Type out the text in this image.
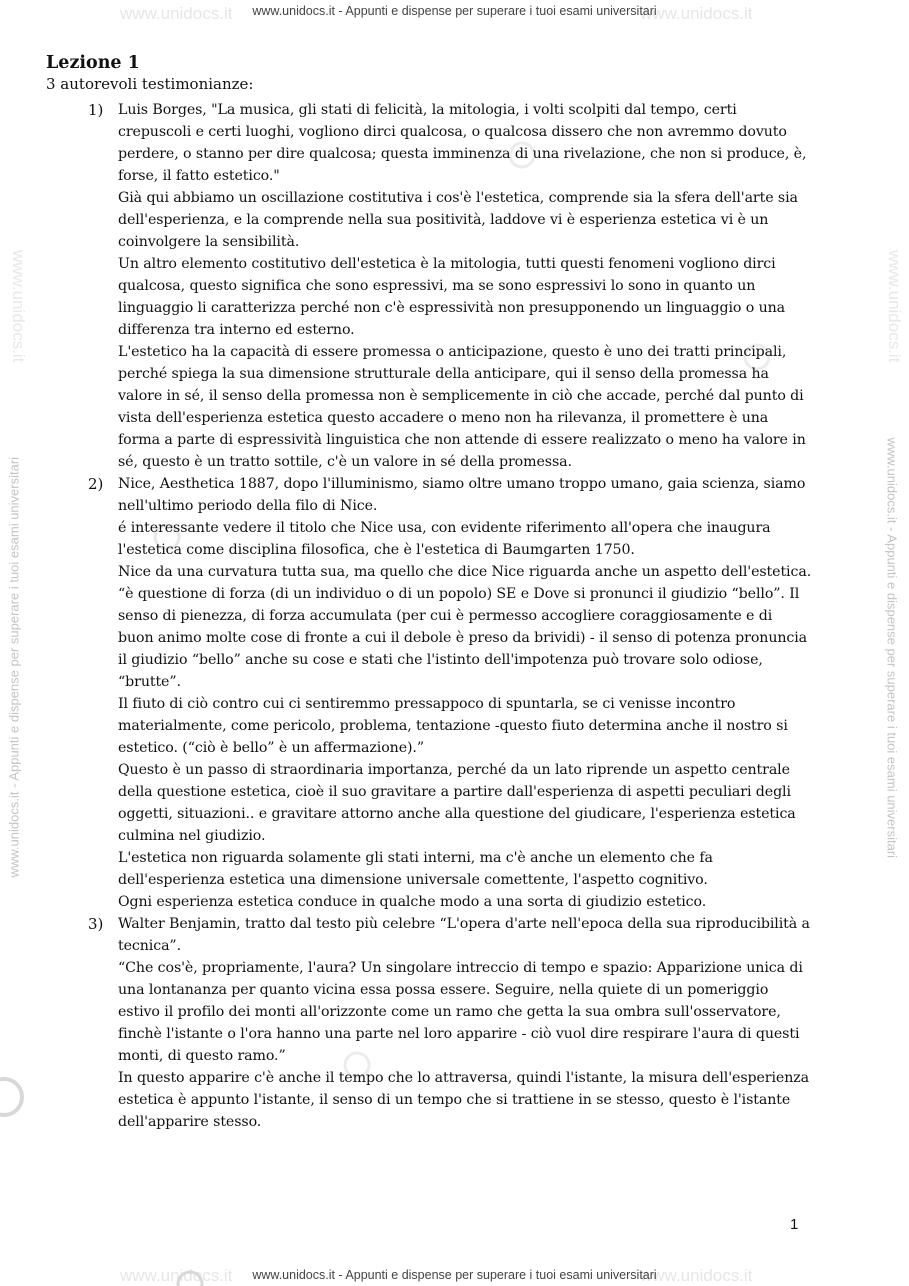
www.unidocs.it	www.unidocs.it
www.unidocs.it	www.unidocs.it
www.unidocs.it - Appunti e dispense per superare i tuoi esami universitari
www.unidocs.it - Appunti e dispense per superare i tuoi esami universitari
www.unidocs.it - Appunti e dispense per superare i tuoi esami universitari
www.unidocs.it
www.unidocs.it - Appunti e dispense per superare i tuoi esami universitari
www.unidocs.it
Lezione 1

3 autorevoli testimonianze:

1) Luis Borges, "La musica, gli stati di felicità, la mitologia, i volti scolpiti dal tempo, certi crepuscoli e certi luoghi, vogliono dirci qualcosa, o qualcosa dissero che non avremmo dovuto perdere, o stanno per dire qualcosa; questa imminenza di una rivelazione, che non si produce, è, forse, il fatto estetico."

Già qui abbiamo un oscillazione costitutiva i cos'è l'estetica, comprende sia la sfera dell'arte sia dell'esperienza, e la comprende nella sua positività, laddove vi è esperienza estetica vi è un coinvolgere la sensibilità.

Un altro elemento costitutivo dell'estetica è la mitologia, tutti questi fenomeni vogliono dirci qualcosa, questo significa che sono espressivi, ma se sono espressivi lo sono in quanto un linguaggio li caratterizza perché non c'è espressività non presupponendo un linguaggio o una differenza tra interno ed esterno.

L'estetico ha la capacità di essere promessa o anticipazione, questo è uno dei tratti principali, perché spiega la sua dimensione strutturale della anticipare, qui il senso della promessa ha valore in sé, il senso della promessa non è semplicemente in ciò che accade, perché dal punto di vista dell'esperienza estetica questo accadere o meno non ha rilevanza, il promettere è una forma a parte di espressività linguistica che non attende di essere realizzato o meno ha valore in sé, questo è un tratto sottile, c'è un valore in sé della promessa.

2) Nice, Aesthetica 1887, dopo l'illuminismo, siamo oltre umano troppo umano, gaia scienza, siamo nell'ultimo periodo della filo di Nice.

é interessante vedere il titolo che Nice usa, con evidente riferimento all'opera che inaugura l'estetica come disciplina filosofica, che è l'estetica di Baumgarten 1750.

Nice da una curvatura tutta sua, ma quello che dice Nice riguarda anche un aspetto dell'estetica.

“è questione di forza (di un individuo o di un popolo) SE e Dove si pronunci il giudizio “bello”. Il senso di pienezza, di forza accumulata (per cui è permesso accogliere coraggiosamente e di buon animo molte cose di fronte a cui il debole è preso da brividi) - il senso di potenza pronuncia il giudizio “bello” anche su cose e stati che l'istinto dell'impotenza può trovare solo odiose, “brutte”.

Il fiuto di ciò contro cui ci sentiremmo pressappoco di spuntarla, se ci venisse incontro materialmente, come pericolo, problema, tentazione -questo fiuto determina anche il nostro si estetico. (“ciò è bello” è un affermazione).”

Questo è un passo di straordinaria importanza, perché da un lato riprende un aspetto centrale della questione estetica, cioè il suo gravitare a partire dall'esperienza di aspetti peculiari degli oggetti, situazioni.. e gravitare attorno anche alla questione del giudicare, l'esperienza estetica culmina nel giudizio.

L'estetica non riguarda solamente gli stati interni, ma c'è anche un elemento che fa dell'esperienza estetica una dimensione universale comettente, l'aspetto cognitivo.

Ogni esperienza estetica conduce in qualche modo a una sorta di giudizio estetico.

3) Walter Benjamin, tratto dal testo più celebre “L'opera d'arte nell'epoca della sua riproducibilità a tecnica”.

“Che cos'è, propriamente, l'aura? Un singolare intreccio di tempo e spazio: Apparizione unica di una lontananza per quanto vicina essa possa essere. Seguire, nella quiete di un pomeriggio estivo il profilo dei monti all'orizzonte come un ramo che getta la sua ombra sull'osservatore, finchè l'istante o l'ora hanno una parte nel loro apparire - ciò vuol dire respirare l'aura di questi monti, di questo ramo.”

In questo apparire c'è anche il tempo che lo attraversa, quindi l'istante, la misura dell'esperienza estetica è appunto l'istante, il senso di un tempo che si trattiene in se stesso, questo è l'istante dell'apparire stesso.

1
